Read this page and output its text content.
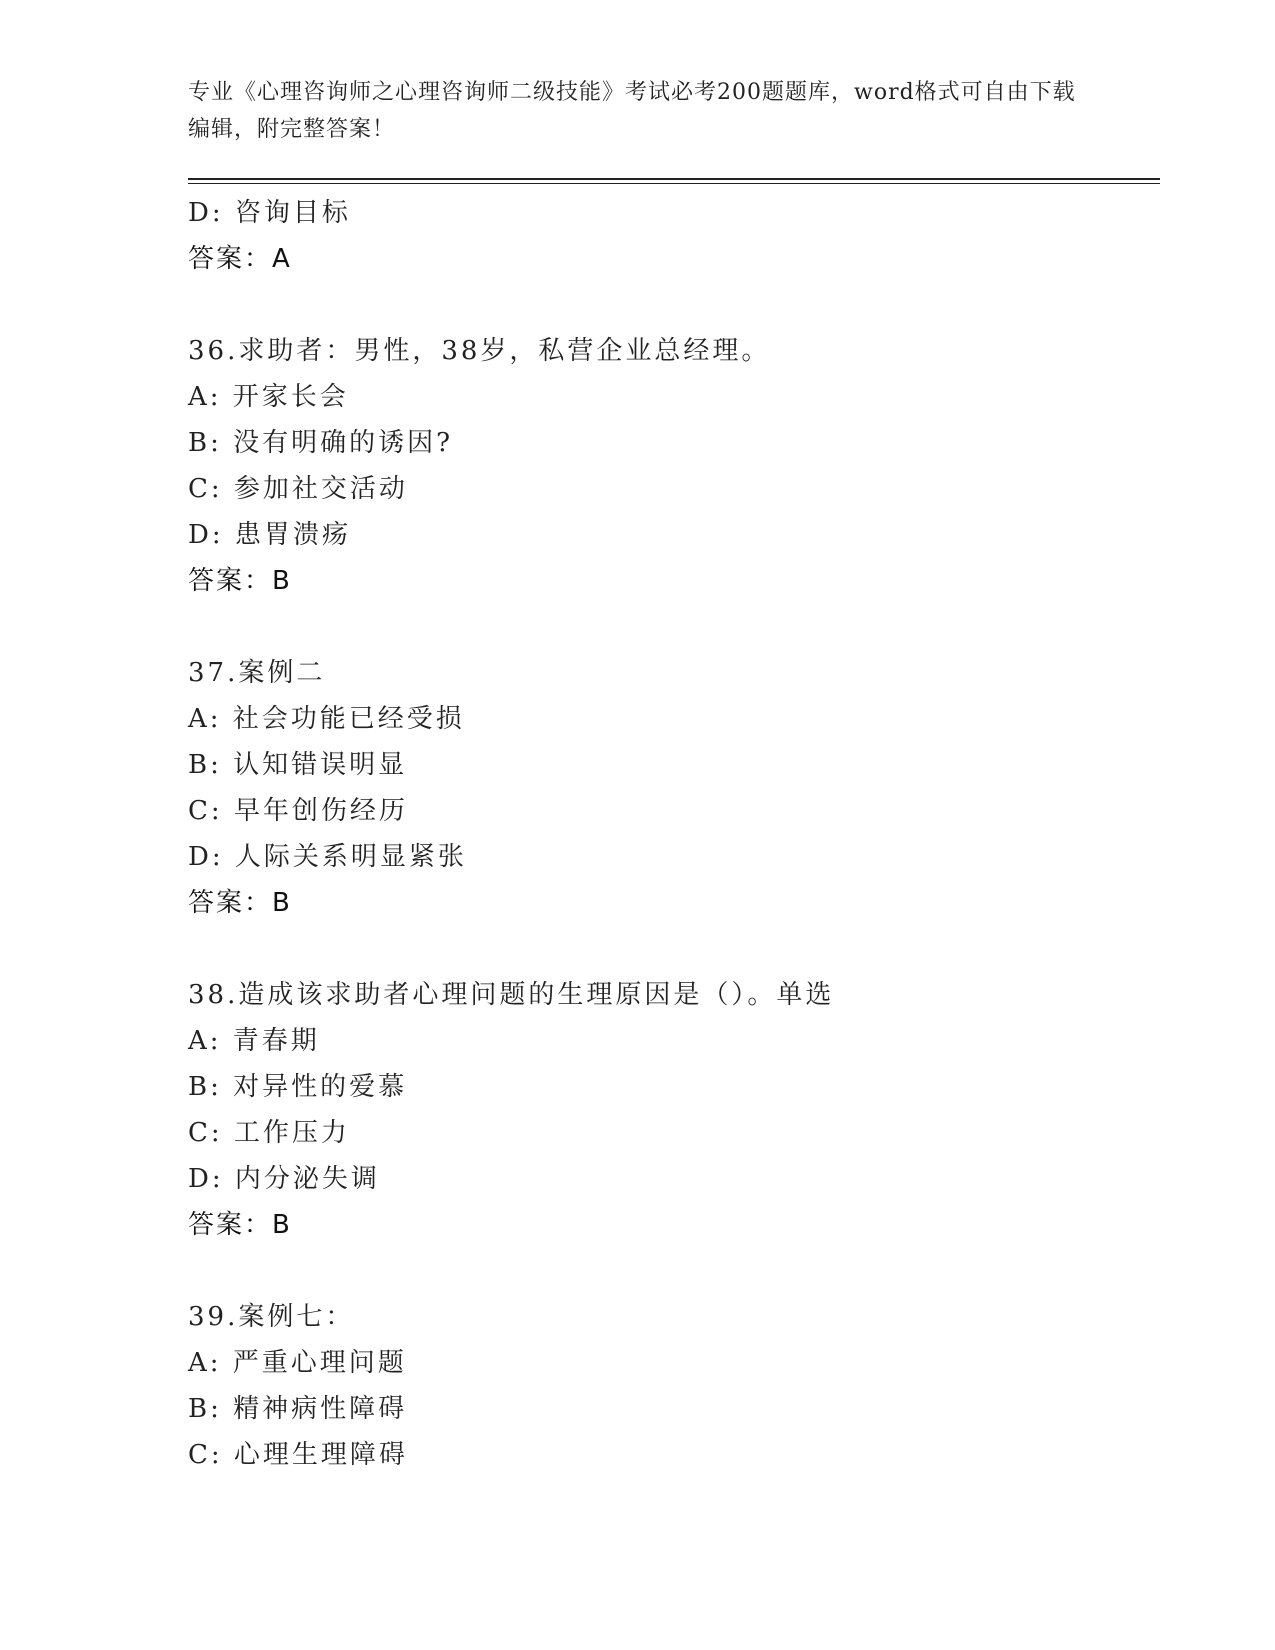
专业《心理咨询师之心理咨询师二级技能》考试必考200题题库，word格式可自由下载编辑，附完整答案！
D: 咨询目标
答案：A
36.求助者：男性，38岁，私营企业总经理。
A: 开家长会
B: 没有明确的诱因?
C: 参加社交活动
D: 患胃溃疡
答案：B
37.案例二
A: 社会功能已经受损
B: 认知错误明显
C: 早年创伤经历
D: 人际关系明显紧张
答案：B
38.造成该求助者心理问题的生理原因是（）。单选
A: 青春期
B: 对异性的爱慕
C: 工作压力
D: 内分泌失调
答案：B
39.案例七：
A: 严重心理问题
B: 精神病性障碍
C: 心理生理障碍
